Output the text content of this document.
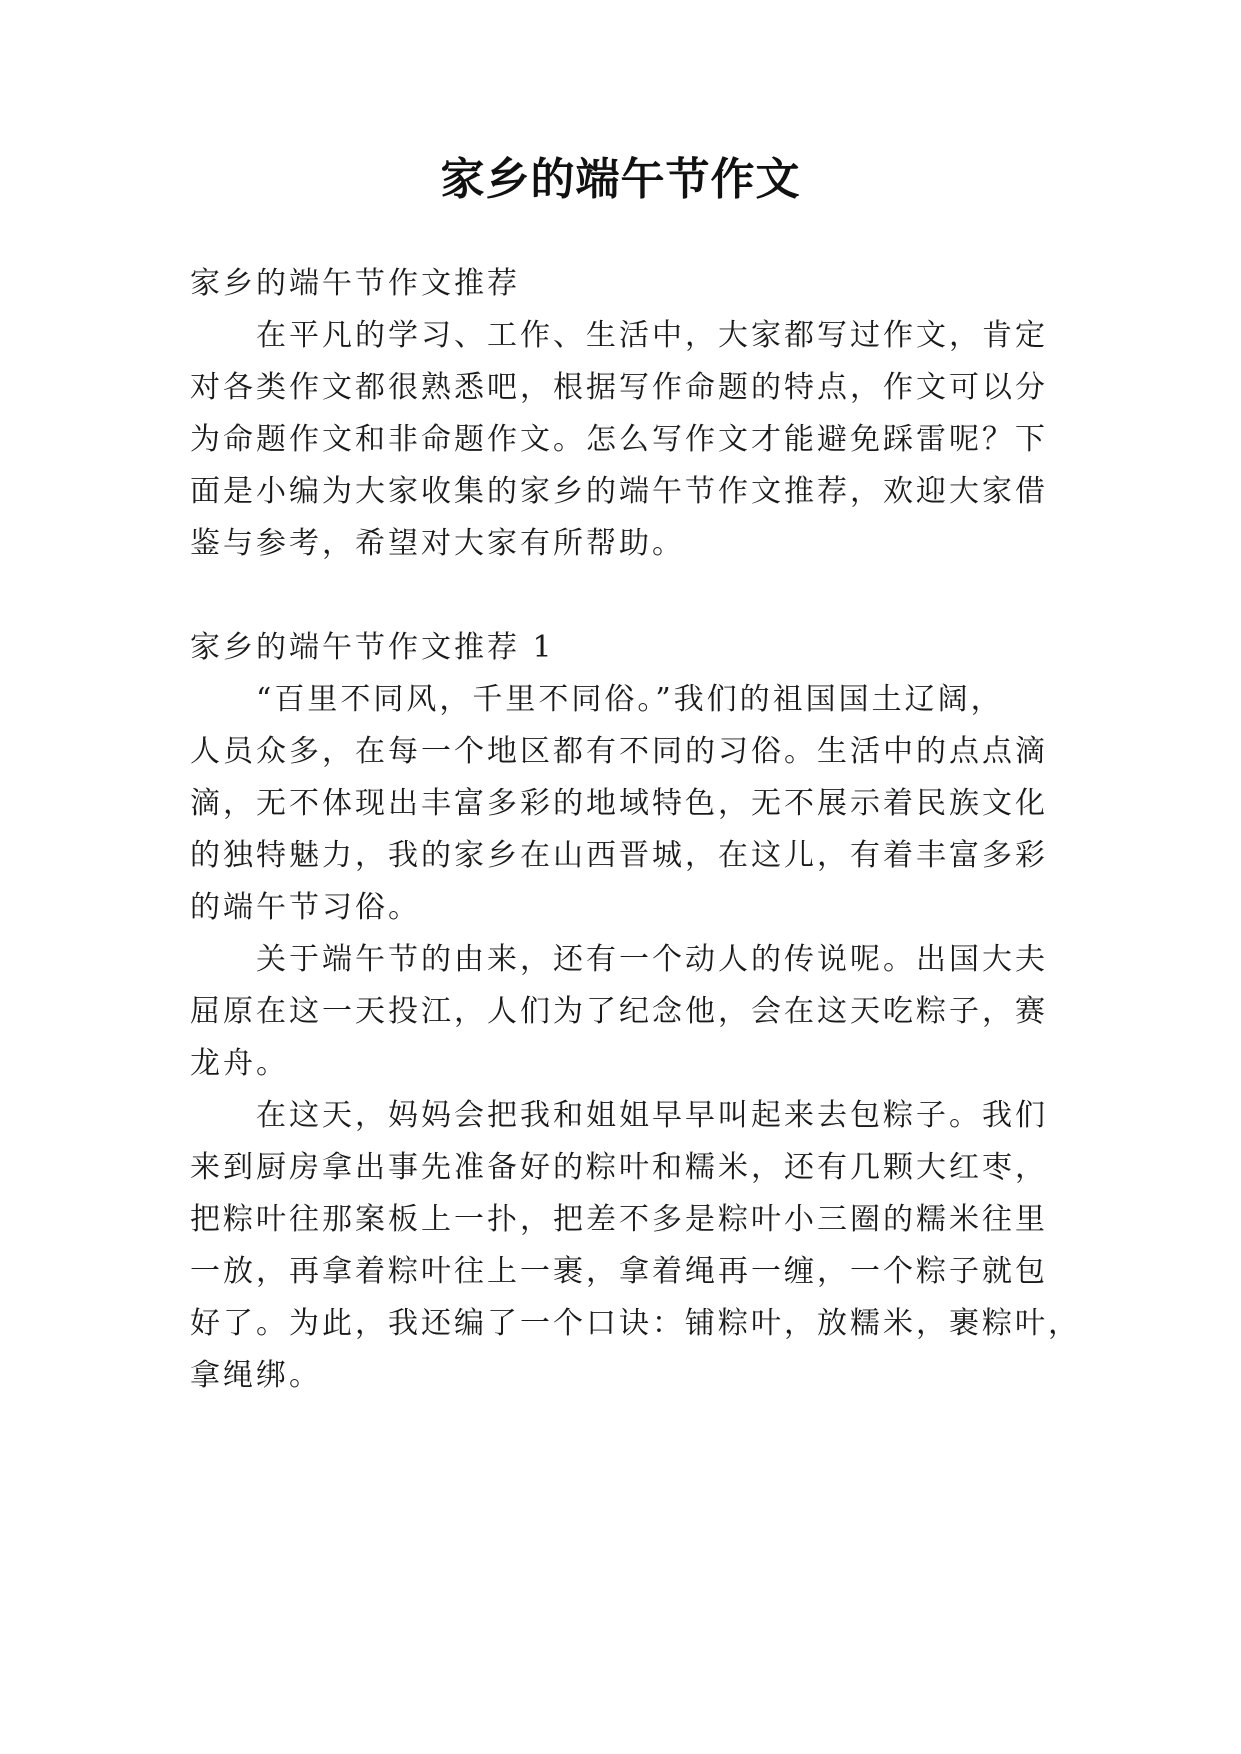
家乡的端午节作文
家乡的端午节作文推荐
在平凡的学习、工作、生活中，大家都写过作文，肯定
对各类作文都很熟悉吧，根据写作命题的特点，作文可以分
为命题作文和非命题作文。怎么写作文才能避免踩雷呢？下
面是小编为大家收集的家乡的端午节作文推荐，欢迎大家借
鉴与参考，希望对大家有所帮助。
家乡的端午节作文推荐 1
“百里不同风，千里不同俗。”我们的祖国国土辽阔，
人员众多，在每一个地区都有不同的习俗。生活中的点点滴
滴，无不体现出丰富多彩的地域特色，无不展示着民族文化
的独特魅力，我的家乡在山西晋城，在这儿，有着丰富多彩
的端午节习俗。
关于端午节的由来，还有一个动人的传说呢。出国大夫
屈原在这一天投江，人们为了纪念他，会在这天吃粽子，赛
龙舟。
在这天，妈妈会把我和姐姐早早叫起来去包粽子。我们
来到厨房拿出事先准备好的粽叶和糯米，还有几颗大红枣，
把粽叶往那案板上一扑，把差不多是粽叶小三圈的糯米往里
一放，再拿着粽叶往上一裹，拿着绳再一缠，一个粽子就包
好了。为此，我还编了一个口诀：铺粽叶，放糯米，裹粽叶，
拿绳绑。
